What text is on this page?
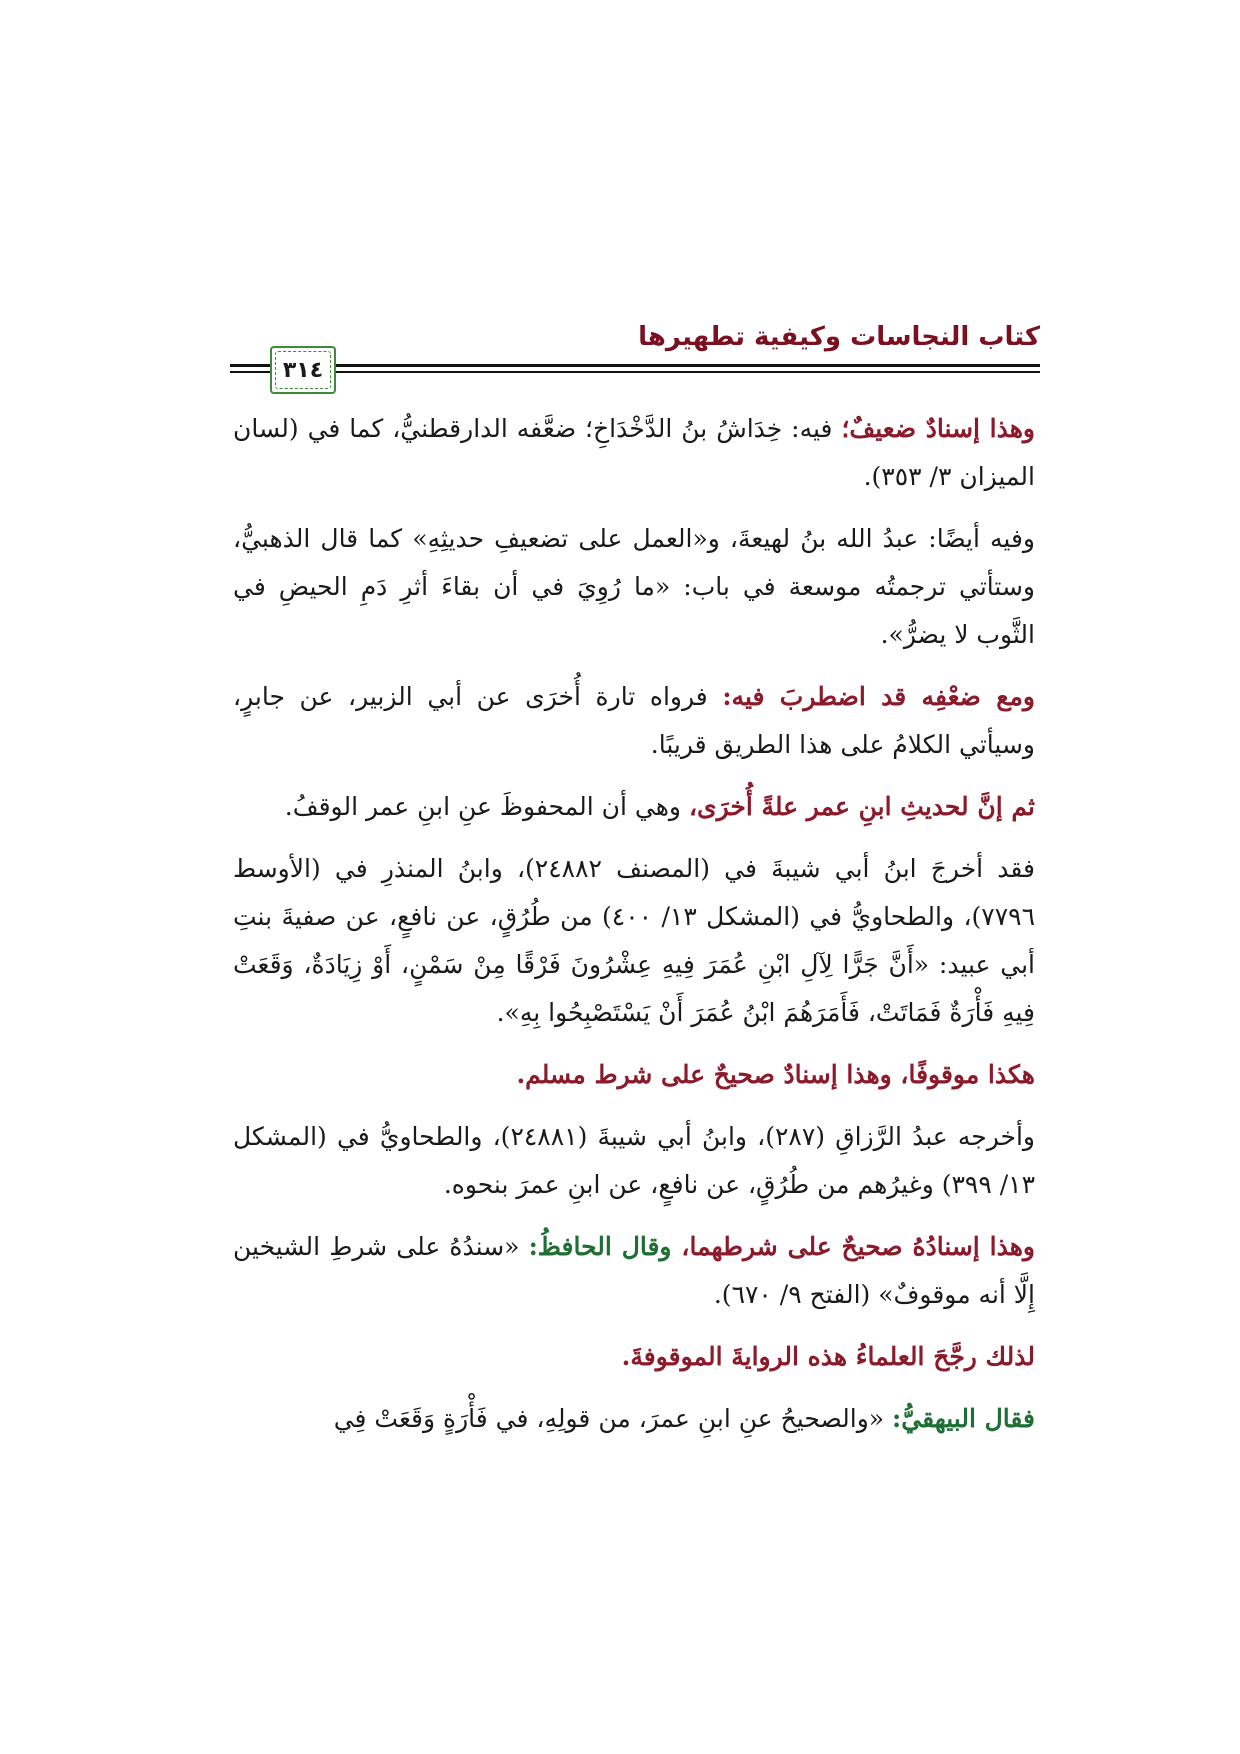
كتاب النجاسات وكيفية تطهيرها
٣١٤

وهذا إسنادٌ ضعيفٌ؛ فيه: خِدَاشُ بنُ الدَّخْدَاخِ؛ ضعَّفه الدارقطنيُّ، كما في (لسان الميزان ٣/ ٣٥٣).

وفيه أيضًا: عبدُ الله بنُ لهيعةَ، و«العمل على تضعيفِ حديثِهِ» كما قال الذهبيُّ، وستأتي ترجمتُه موسعة في باب: «ما رُوِيَ في أن بقاءَ أثرِ دَمِ الحيضِ في الثَّوب لا يضرُّ».

ومع ضعْفِه قد اضطربَ فيه: فرواه تارة أُخرَى عن أبي الزبير، عن جابرٍ، وسيأتي الكلامُ على هذا الطريق قريبًا.

ثم إنَّ لحديثِ ابنِ عمر علةً أُخرَى، وهي أن المحفوظَ عنِ ابنِ عمر الوقفُ.

فقد أخرجَ ابنُ أبي شيبةَ في (المصنف ٢٤٨٨٢)، وابنُ المنذرِ في (الأوسط ٧٧٩٦)، والطحاويُّ في (المشكل ١٣/ ٤٠٠) من طُرُقٍ، عن نافعٍ، عن صفيةَ بنتِ أبي عبيد: «أَنَّ جَرًّا لِآلِ ابْنِ عُمَرَ فِيهِ عِشْرُونَ فَرْقًا مِنْ سَمْنٍ، أَوْ زِيَادَةٌ، وَقَعَتْ فِيهِ فَأْرَةٌ فَمَاتَتْ، فَأَمَرَهُمَ ابْنُ عُمَرَ أَنْ يَسْتَصْبِحُوا بِهِ».

هكذا موقوفًا، وهذا إسنادٌ صحيحٌ على شرط مسلم.

وأخرجه عبدُ الرَّزاقِ (٢٨٧)، وابنُ أبي شيبةَ (٢٤٨٨١)، والطحاويُّ في (المشكل ١٣/ ٣٩٩) وغيرُهم من طُرُقٍ، عن نافعٍ، عن ابنِ عمرَ بنحوه.

وهذا إسنادُهُ صحيحٌ على شرطهما، وقال الحافظُ: «سندُهُ على شرطِ الشيخين إِلَّا أنه موقوفٌ» (الفتح ٩/ ٦٧٠).

لذلك رجَّحَ العلماءُ هذه الروايةَ الموقوفةَ.

فقال البيهقيُّ: «والصحيحُ عنِ ابنِ عمرَ، من قولِهِ، في فَأْرَةٍ وَقَعَتْ فِي
